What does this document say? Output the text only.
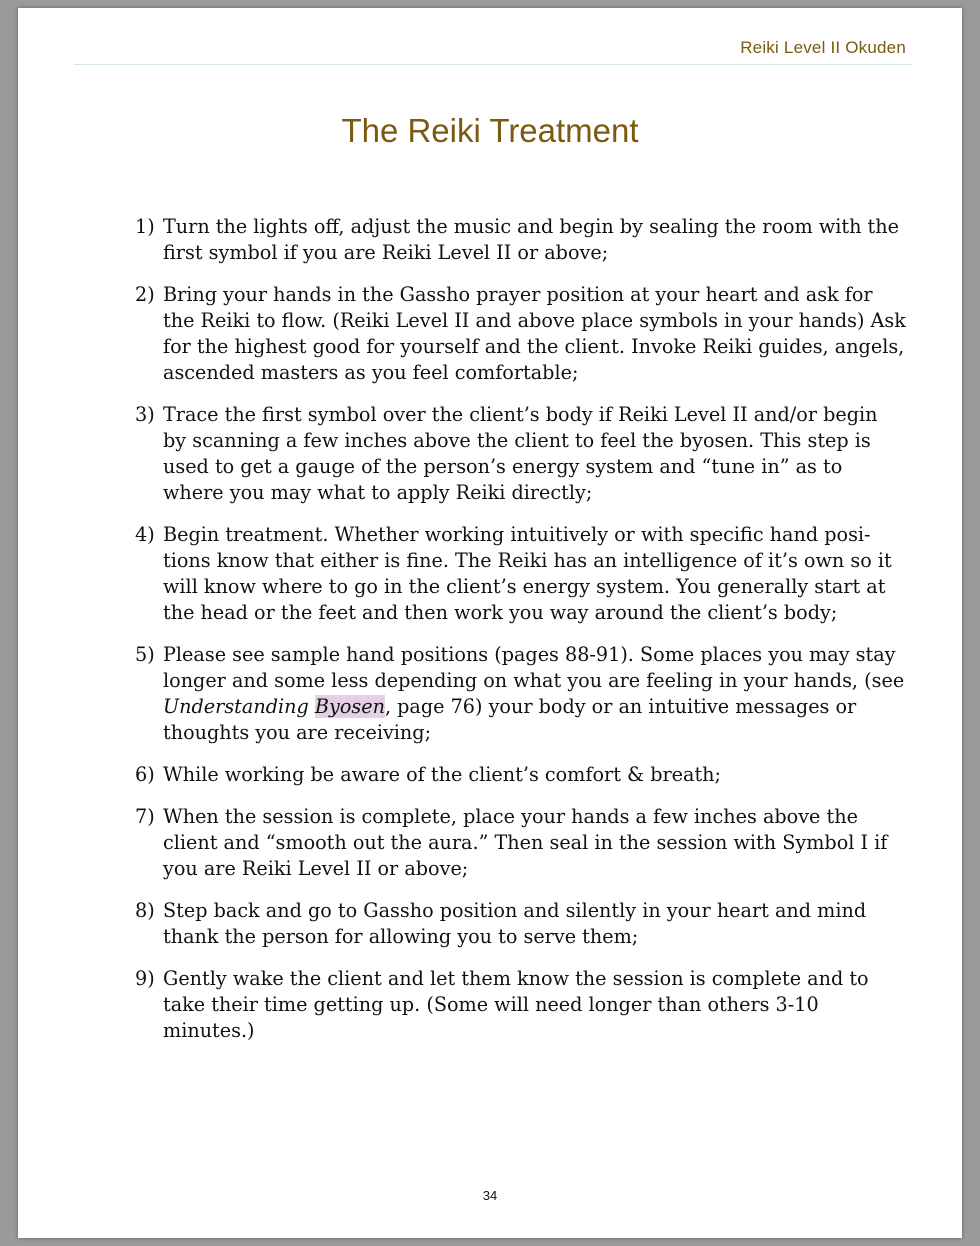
Reiki Level II Okuden
The Reiki Treatment
1) Turn the lights off, adjust the music and begin by sealing the room with the first symbol if you are Reiki Level II or above;
2) Bring your hands in the Gassho prayer position at your heart and ask for the Reiki to flow. (Reiki Level II and above place symbols in your hands) Ask for the highest good for yourself and the client. Invoke Reiki guides, angels, ascended masters as you feel comfortable;
3) Trace the first symbol over the client’s body if Reiki Level II and/or begin by scanning a few inches above the client to feel the byosen. This step is used to get a gauge of the person’s energy system and “tune in” as to where you may what to apply Reiki directly;
4) Begin treatment. Whether working intuitively or with specific hand posi-tions know that either is fine. The Reiki has an intelligence of it’s own so it will know where to go in the client’s energy system. You generally start at the head or the feet and then work you way around the client’s body;
5) Please see sample hand positions (pages 88-91). Some places you may stay longer and some less depending on what you are feeling in your hands, (see Understanding Byosen, page 76) your body or an intuitive messages or thoughts you are receiving;
6) While working be aware of the client’s comfort & breath;
7) When the session is complete, place your hands a few inches above the client and “smooth out the aura.” Then seal in the session with Symbol I if you are Reiki Level II or above;
8) Step back and go to Gassho position and silently in your heart and mind thank the person for allowing you to serve them;
9) Gently wake the client and let them know the session is complete and to take their time getting up. (Some will need longer than others 3-10 minutes.)
34
